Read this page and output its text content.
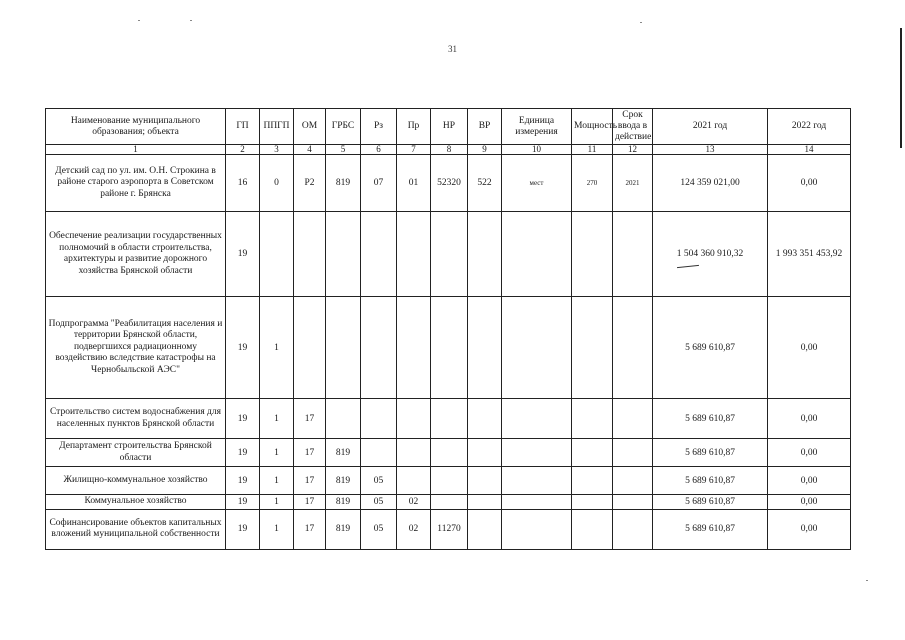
31
Наименование муниципального образования; объекта	ГП	ППГП	ОМ	ГРБС	Рз	Пр	НР	ВР	Единица измерения	Мощность	Срок ввода в действие	2021 год	2022 год
1	2	3	4	5	6	7	8	9	10	11	12	13	14
Детский сад по ул. им. О.Н. Строкина в районе старого аэропорта в Советском районе г. Брянска	16	0	Р2	819	07	01	52320	522	мест	270	2021	124 359 021,00	0,00
Обеспечение реализации государственных полномочий в области строительства, архитектуры и развитие дорожного хозяйства Брянской области	19											1 504 360 910,32	1 993 351 453,92
Подпрограмма "Реабилитация населения и территории Брянской области, подвергшихся радиационному воздействию вследствие катастрофы на Чернобыльской АЭС"	19	1										5 689 610,87	0,00
Строительство систем водоснабжения для населенных пунктов Брянской области	19	1	17									5 689 610,87	0,00
Департамент строительства Брянской области	19	1	17	819								5 689 610,87	0,00
Жилищно-коммунальное хозяйство	19	1	17	819	05							5 689 610,87	0,00
Коммунальное хозяйство	19	1	17	819	05	02						5 689 610,87	0,00
Софинансирование объектов капитальных вложений муниципальной собственности	19	1	17	819	05	02	11270					5 689 610,87	0,00
